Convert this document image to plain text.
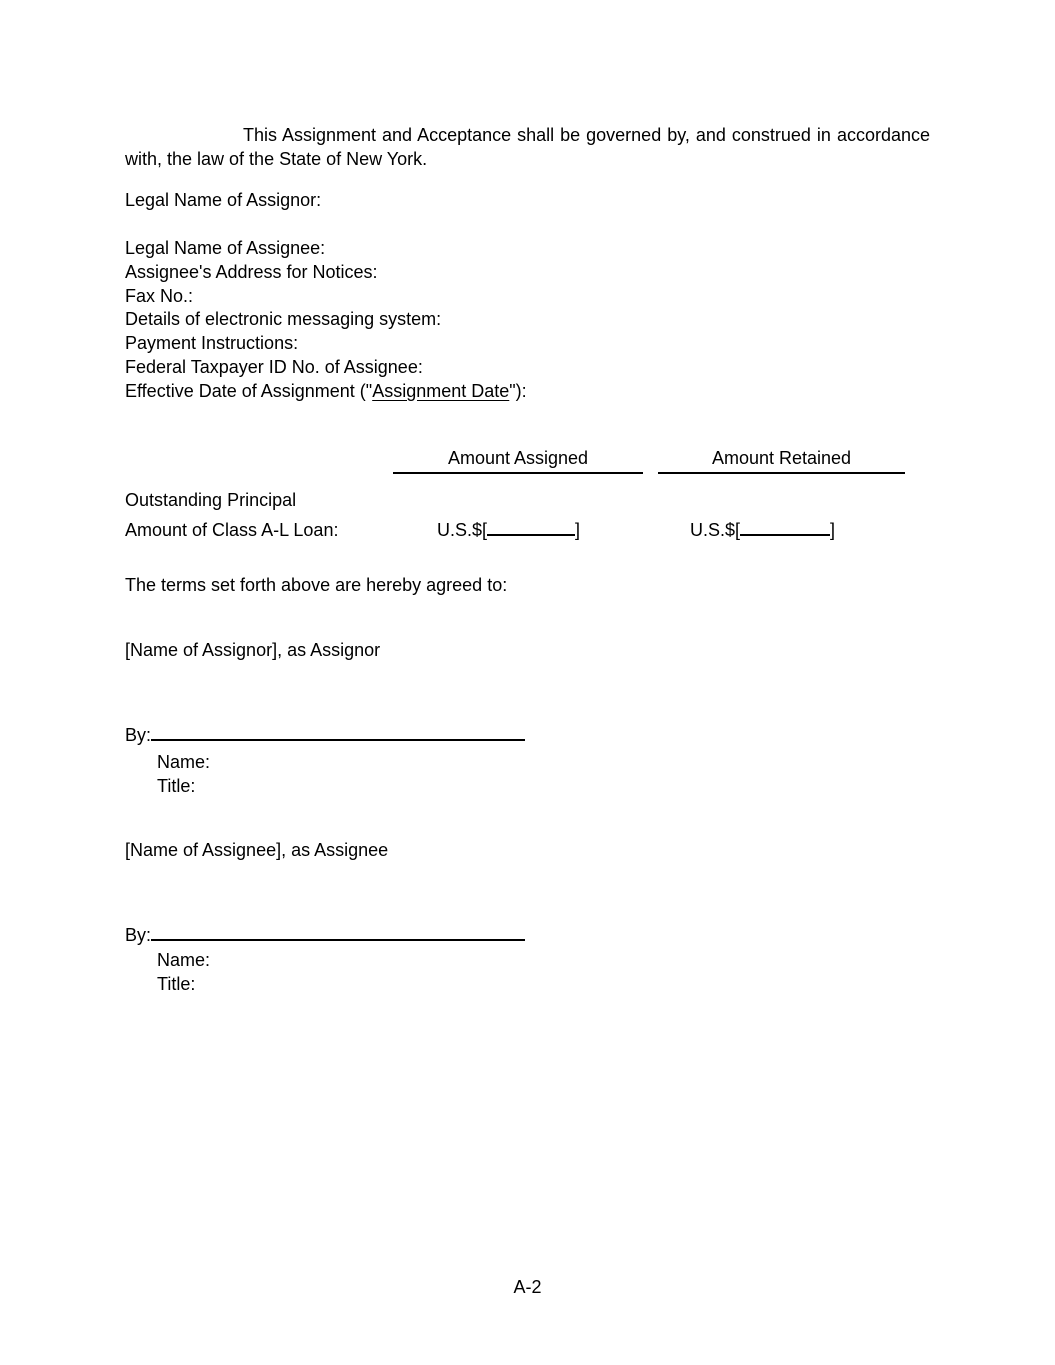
This Assignment and Acceptance shall be governed by, and construed in accordance with, the law of the State of New York.
Legal Name of Assignor:
Legal Name of Assignee:
Assignee's Address for Notices:
Fax No.:
Details of electronic messaging system:
Payment Instructions:
Federal Taxpayer ID No. of Assignee:
Effective Date of Assignment ("Assignment Date"):
Amount Assigned	Amount Retained
Outstanding Principal
Amount of Class A-L Loan:	U.S.$[	]	U.S.$[	]
The terms set forth above are hereby agreed to:
[Name of Assignor], as Assignor
By:
Name:
Title:
[Name of Assignee], as Assignee
By:
Name:
Title:
A-2
